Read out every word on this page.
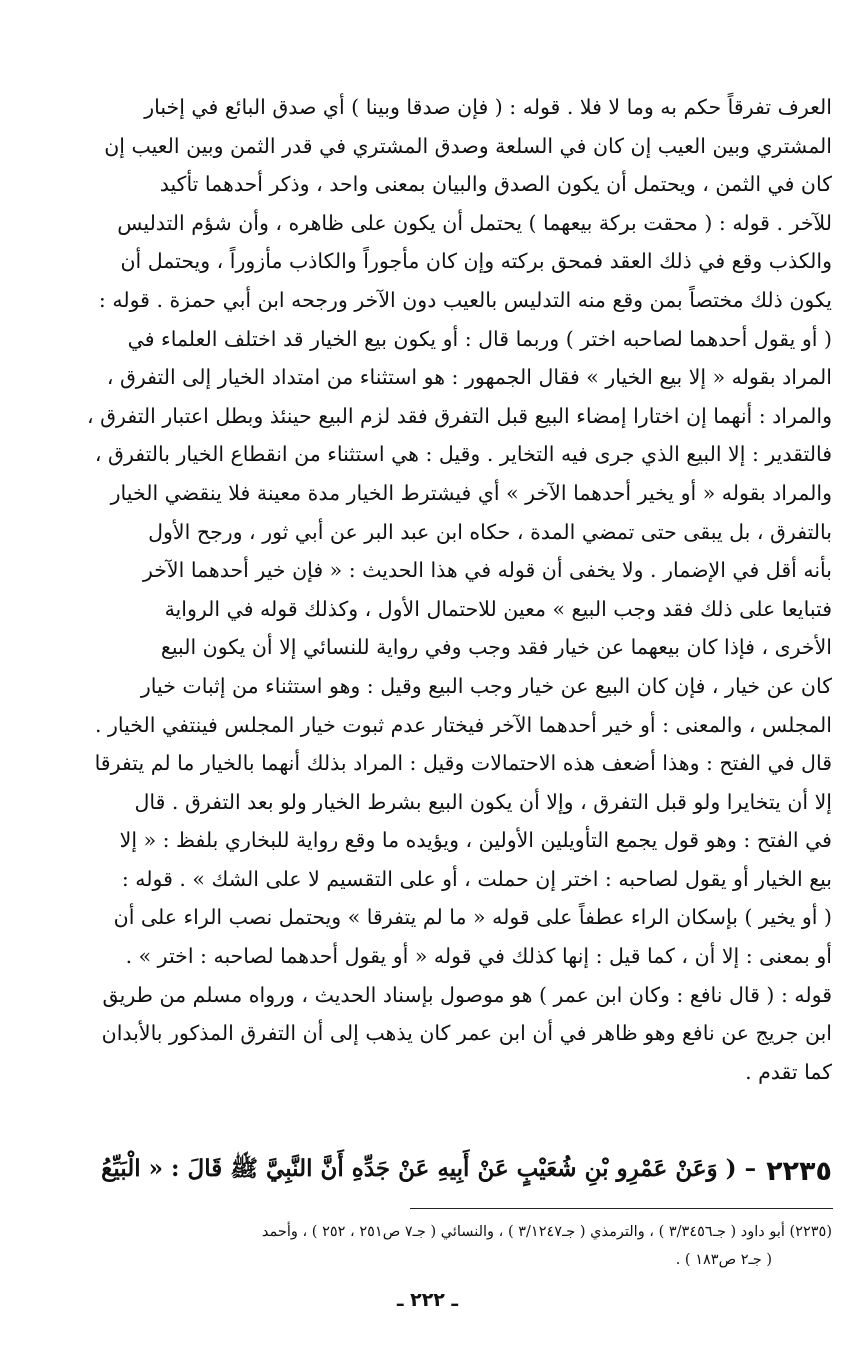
العرف تفرقاً حكم به وما لا فلا . قوله : ( فإن صدقا وبينا ) أي صدق البائع في إخبار
المشتري وبين العيب إن كان في السلعة وصدق المشتري في قدر الثمن وبين العيب إن
كان في الثمن ، ويحتمل أن يكون الصدق والبيان بمعنى واحد ، وذكر أحدهما تأكيد
للآخر . قوله : ( محقت بركة بيعهما ) يحتمل أن يكون على ظاهره ، وأن شؤم التدليس
والكذب وقع في ذلك العقد فمحق بركته وإن كان مأجوراً والكاذب مأزوراً ، ويحتمل أن
يكون ذلك مختصاً بمن وقع منه التدليس بالعيب دون الآخر ورجحه ابن أبي حمزة . قوله :
( أو يقول أحدهما لصاحبه اختر ) وربما قال : أو يكون بيع الخيار قد اختلف العلماء في
المراد بقوله « إلا بيع الخيار » فقال الجمهور : هو استثناء من امتداد الخيار إلى التفرق ،
والمراد : أنهما إن اختارا إمضاء البيع قبل التفرق فقد لزم البيع حينئذ وبطل اعتبار التفرق ،
فالتقدير : إلا البيع الذي جرى فيه التخاير . وقيل : هي استثناء من انقطاع الخيار بالتفرق ،
والمراد بقوله « أو يخير أحدهما الآخر » أي فيشترط الخيار مدة معينة فلا ينقضي الخيار
بالتفرق ، بل يبقى حتى تمضي المدة ، حكاه ابن عبد البر عن أبي ثور ، ورجح الأول
بأنه أقل في الإضمار . ولا يخفى أن قوله في هذا الحديث : « فإن خير أحدهما الآخر
فتبايعا على ذلك فقد وجب البيع » معين للاحتمال الأول ، وكذلك قوله في الرواية
الأخرى ، فإذا كان بيعهما عن خيار فقد وجب وفي رواية للنسائي إلا أن يكون البيع
كان عن خيار ، فإن كان البيع عن خيار وجب البيع وقيل : وهو استثناء من إثبات خيار
المجلس ، والمعنى : أو خير أحدهما الآخر فيختار عدم ثبوت خيار المجلس فينتفي الخيار .
قال في الفتح : وهذا أضعف هذه الاحتمالات وقيل : المراد بذلك أنهما بالخيار ما لم يتفرقا
إلا أن يتخايرا ولو قبل التفرق ، وإلا أن يكون البيع بشرط الخيار ولو بعد التفرق . قال
في الفتح : وهو قول يجمع التأويلين الأولين ، ويؤيده ما وقع رواية للبخاري بلفظ : « إلا
بيع الخيار أو يقول لصاحبه : اختر إن حملت ، أو على التقسيم لا على الشك » . قوله :
( أو يخير ) بإسكان الراء عطفاً على قوله « ما لم يتفرقا » ويحتمل نصب الراء على أن
أو بمعنى : إلا أن ، كما قيل : إنها كذلك في قوله « أو يقول أحدهما لصاحبه : اختر » .
قوله : ( قال نافع : وكان ابن عمر ) هو موصول بإسناد الحديث ، ورواه مسلم من طريق
ابن جريج عن نافع وهو ظاهر في أن ابن عمر كان يذهب إلى أن التفرق المذكور بالأبدان
كما تقدم .
٢٢٣٥
– ( وَعَنْ عَمْرِو بْنِ شُعَيْبٍ عَنْ أَبِيهِ عَنْ جَدِّهِ أَنَّ النَّبِيَّ ﷺ قَالَ : « الْبَيِّعُ
(٢٢٣٥) أبو داود ( جـ٣/٣٤٥٦ ) ، والترمذي ( جـ٣/١٢٤٧ ) ، والنسائي ( جـ٧ ص٢٥١ ، ٢٥٢ ) ، وأحمد
( جـ٢ ص١٨٣ ) .
ـ ٢٢٢ ـ
